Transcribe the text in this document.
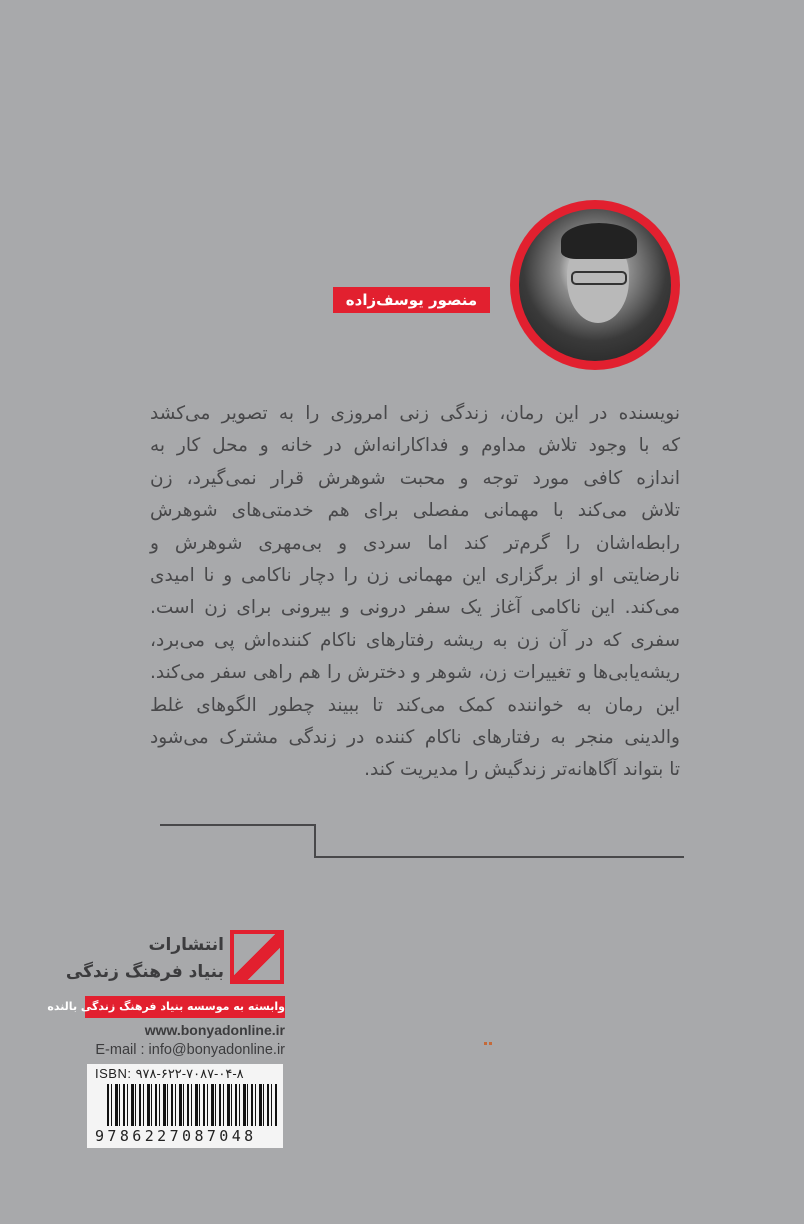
منصور یوسف‌زاده
نویسنده در این رمان، زندگی زنی امروزی را به تصویر می‌کشد
که با وجود تلاش مداوم و فداکارانه‌اش در خانه و محل کار به
اندازه کافی مورد توجه و محبت شوهرش قرار نمی‌گیرد، زن
تلاش می‌کند با مهمانی مفصلی برای هم خدمتی‌های شوهرش
رابطه‌اشان را گرم‌تر کند اما سردی و بی‌مهری شوهرش و
نارضایتی او از برگزاری این مهمانی زن را دچار ناکامی و نا امیدی
می‌کند. این ناکامی آغاز یک سفر درونی و بیرونی برای زن است.
سفری که در آن زن به ریشه رفتارهای ناکام کننده‌اش پی می‌برد،
ریشه‌یابی‌ها و تغییرات زن، شوهر و دخترش را هم راهی سفر می‌کند.
این رمان به خواننده کمک می‌کند تا ببیند چطور الگوهای غلط
والدینی منجر به رفتارهای ناکام کننده در زندگی مشترک می‌شود
تا بتواند آگاهانه‌تر زندگیش را مدیریت کند.
انتشارات
بنیاد فرهنگ زندگی
وابسته به موسسه بنیاد فرهنگ زندگی بالنده
www.bonyadonline.ir
E-mail : info@bonyadonline.ir
ISBN: ۹۷۸-۶۲۲-۷۰۸۷-۰۴-۸
9786227087048
